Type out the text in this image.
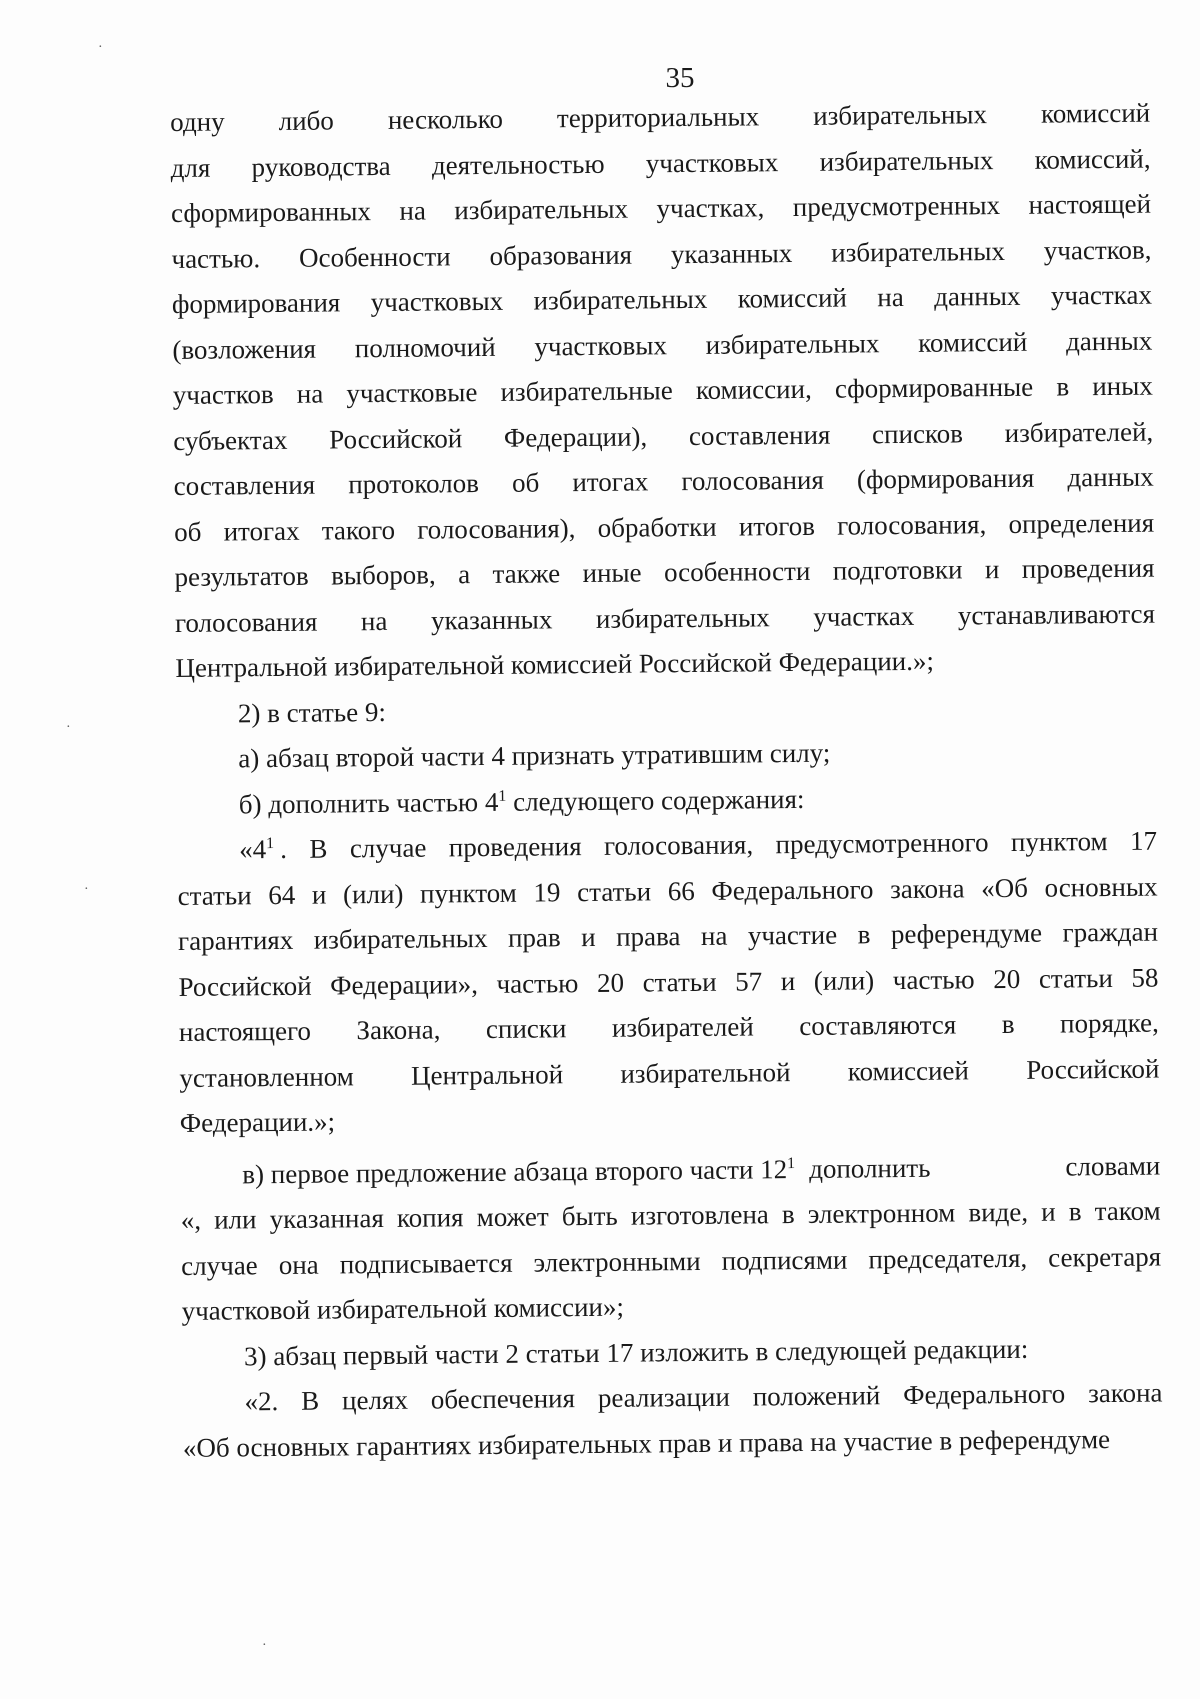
35
одну либо несколько территориальных избирательных комиссий
для руководства деятельностью участковых избирательных комиссий,
сформированных на избирательных участках, предусмотренных настоящей
частью. Особенности образования указанных избирательных участков,
формирования участковых избирательных комиссий на данных участках
(возложения полномочий участковых избирательных комиссий данных
участков на участковые избирательные комиссии, сформированные в иных
субъектах Российской Федерации), составления списков избирателей,
составления протоколов об итогах голосования (формирования данных
об итогах такого голосования), обработки итогов голосования, определения
результатов выборов, а также иные особенности подготовки и проведения
голосования на указанных избирательных участках устанавливаются
Центральной избирательной комиссией Российской Федерации.»;
2) в статье 9:
а) абзац второй части 4 признать утратившим силу;
б) дополнить частью $4^1$ следующего содержания:
«$4^1$ . В случае проведения голосования, предусмотренного пунктом 17
статьи 64 и (или) пунктом 19 статьи 66 Федерального закона «Об основных
гарантиях избирательных прав и права на участие в референдуме граждан
Российской Федерации», частью 20 статьи 57 и (или) частью 20 статьи 58
настоящего Закона, списки избирателей составляются в порядке,
установленном Центральной избирательной комиссией Российской
Федерации.»;
в) первое предложение абзаца второго части $12^1$ дополнить	словами
«, или указанная копия может быть изготовлена в электронном виде, и в таком
случае она подписывается электронными подписями председателя, секретаря
участковой избирательной комиссии»;
3) абзац первый части 2 статьи 17 изложить в следующей редакции:
«2. В целях обеспечения реализации положений Федерального закона
«Об основных гарантиях избирательных прав и права на участие в референдуме
·
·
·
·
